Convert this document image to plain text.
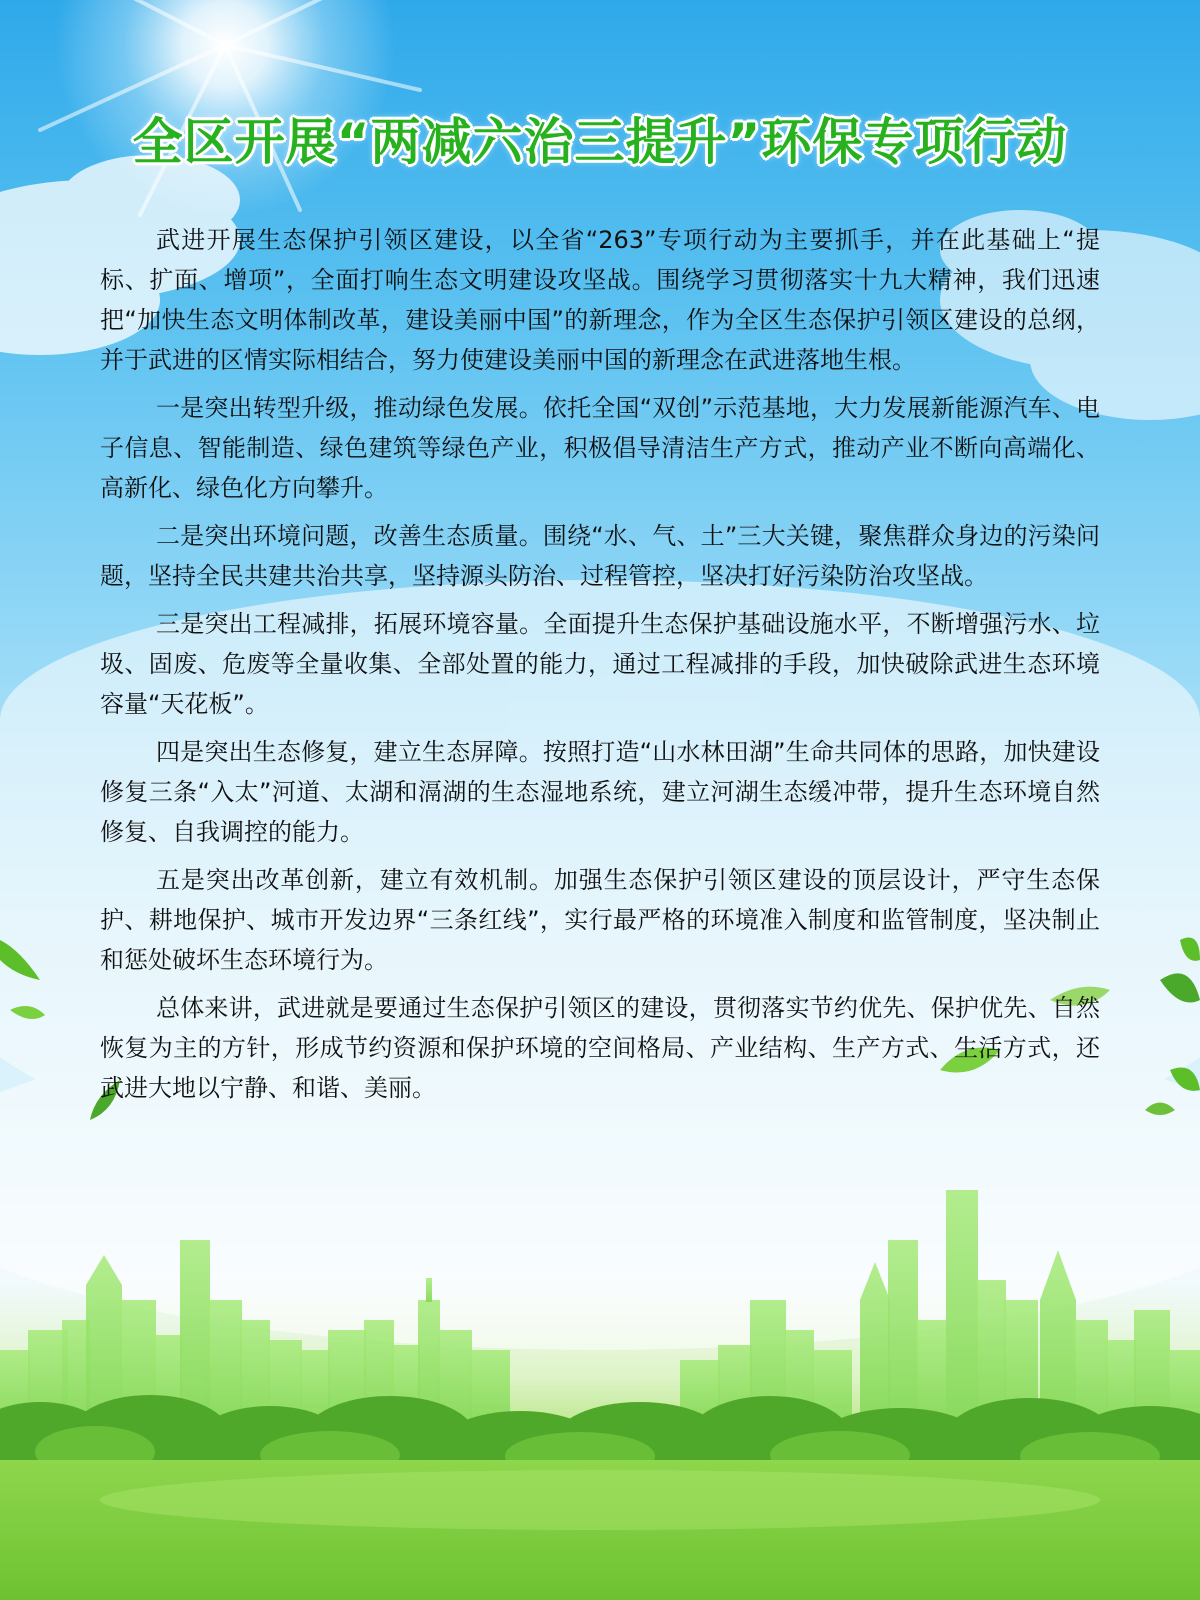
全区开展“两减六治三提升”环保专项行动

武进开展生态保护引领区建设，以全省“263”专项行动为主要抓手，并在此基础上“提标、扩面、增项”，全面打响生态文明建设攻坚战。围绕学习贯彻落实十九大精神，我们迅速把“加快生态文明体制改革，建设美丽中国”的新理念，作为全区生态保护引领区建设的总纲，并于武进的区情实际相结合，努力使建设美丽中国的新理念在武进落地生根。

一是突出转型升级，推动绿色发展。依托全国“双创”示范基地，大力发展新能源汽车、电子信息、智能制造、绿色建筑等绿色产业，积极倡导清洁生产方式，推动产业不断向高端化、高新化、绿色化方向攀升。

二是突出环境问题，改善生态质量。围绕“水、气、土”三大关键，聚焦群众身边的污染问题，坚持全民共建共治共享，坚持源头防治、过程管控，坚决打好污染防治攻坚战。

三是突出工程减排，拓展环境容量。全面提升生态保护基础设施水平，不断增强污水、垃圾、固废、危废等全量收集、全部处置的能力，通过工程减排的手段，加快破除武进生态环境容量“天花板”。

四是突出生态修复，建立生态屏障。按照打造“山水林田湖”生命共同体的思路，加快建设修复三条“入太”河道、太湖和滆湖的生态湿地系统，建立河湖生态缓冲带，提升生态环境自然修复、自我调控的能力。

五是突出改革创新，建立有效机制。加强生态保护引领区建设的顶层设计，严守生态保护、耕地保护、城市开发边界“三条红线”，实行最严格的环境准入制度和监管制度，坚决制止和惩处破坏生态环境行为。

总体来讲，武进就是要通过生态保护引领区的建设，贯彻落实节约优先、保护优先、自然恢复为主的方针，形成节约资源和保护环境的空间格局、产业结构、生产方式、生活方式，还武进大地以宁静、和谐、美丽。
